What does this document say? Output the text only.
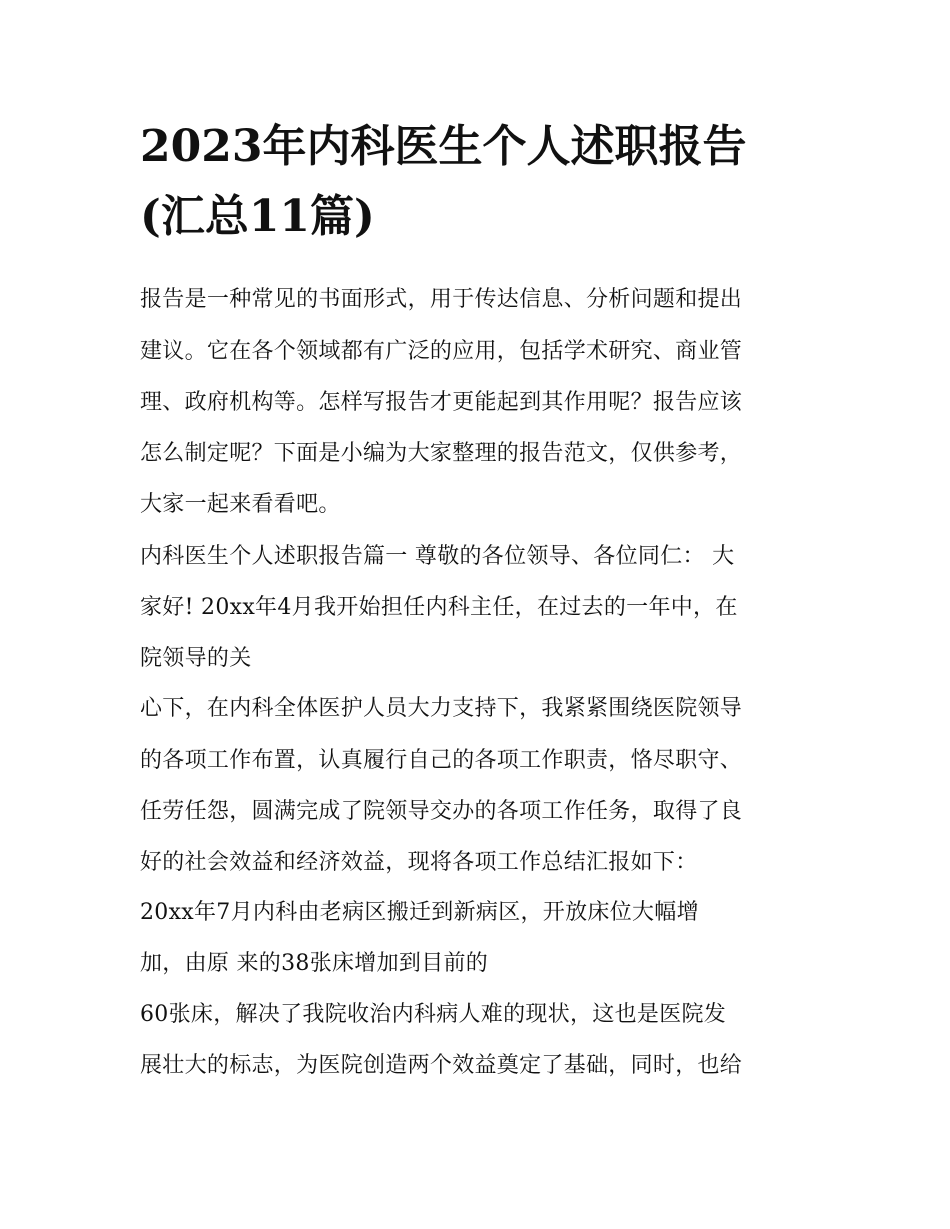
2023年内科医生个人述职报告
(汇总11篇)
报告是一种常见的书面形式，用于传达信息、分析问题和提出
建议。它在各个领域都有广泛的应用，包括学术研究、商业管
理、政府机构等。怎样写报告才更能起到其作用呢？报告应该
怎么制定呢？下面是小编为大家整理的报告范文，仅供参考，
大家一起来看看吧。
内科医生个人述职报告篇一 尊敬的各位领导、各位同仁： 大
家好! 20xx年4月我开始担任内科主任，在过去的一年中，在
院领导的关
心下，在内科全体医护人员大力支持下，我紧紧围绕医院领导
的各项工作布置，认真履行自己的各项工作职责，恪尽职守、
任劳任怨，圆满完成了院领导交办的各项工作任务，取得了良
好的社会效益和经济效益，现将各项工作总结汇报如下：
20xx年7月内科由老病区搬迁到新病区，开放床位大幅增
加，由原 来的38张床增加到目前的
60张床，解决了我院收治内科病人难的现状，这也是医院发
展壮大的标志，为医院创造两个效益奠定了基础，同时，也给
